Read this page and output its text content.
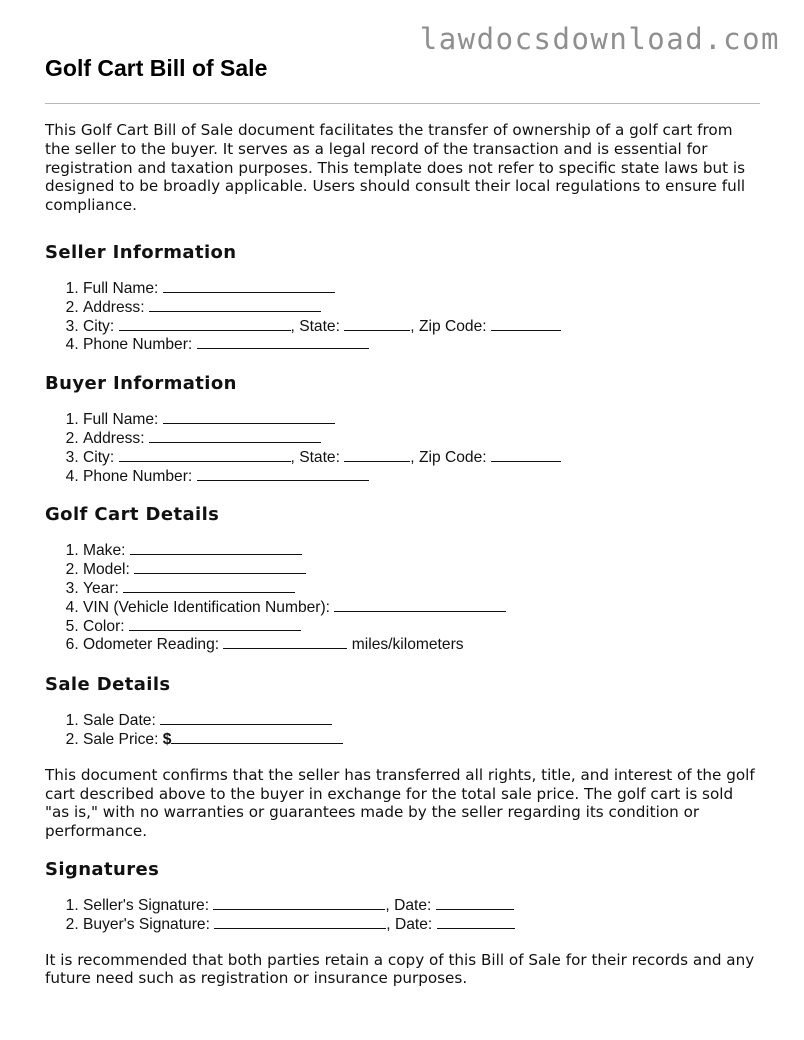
lawdocsdownload.com
Golf Cart Bill of Sale

This Golf Cart Bill of Sale document facilitates the transfer of ownership of a golf cart from the seller to the buyer. It serves as a legal record of the transaction and is essential for registration and taxation purposes. This template does not refer to specific state laws but is designed to be broadly applicable. Users should consult their local regulations to ensure full compliance.

Seller Information
1. Full Name:
2. Address:
3. City:	, State:	, Zip Code:
4. Phone Number:
Buyer Information
1. Full Name:
2. Address:
3. City:	, State:	, Zip Code:
4. Phone Number:
Golf Cart Details
1. Make:
2. Model:
3. Year:
4. VIN (Vehicle Identification Number):
5. Color:
6. Odometer Reading:	miles/kilometers
Sale Details
1. Sale Date:
2. Sale Price: $

This document confirms that the seller has transferred all rights, title, and interest of the golf cart described above to the buyer in exchange for the total sale price. The golf cart is sold "as is," with no warranties or guarantees made by the seller regarding its condition or performance.

Signatures
1. Seller's Signature:	, Date:
2. Buyer's Signature:	, Date:

It is recommended that both parties retain a copy of this Bill of Sale for their records and any future need such as registration or insurance purposes.
